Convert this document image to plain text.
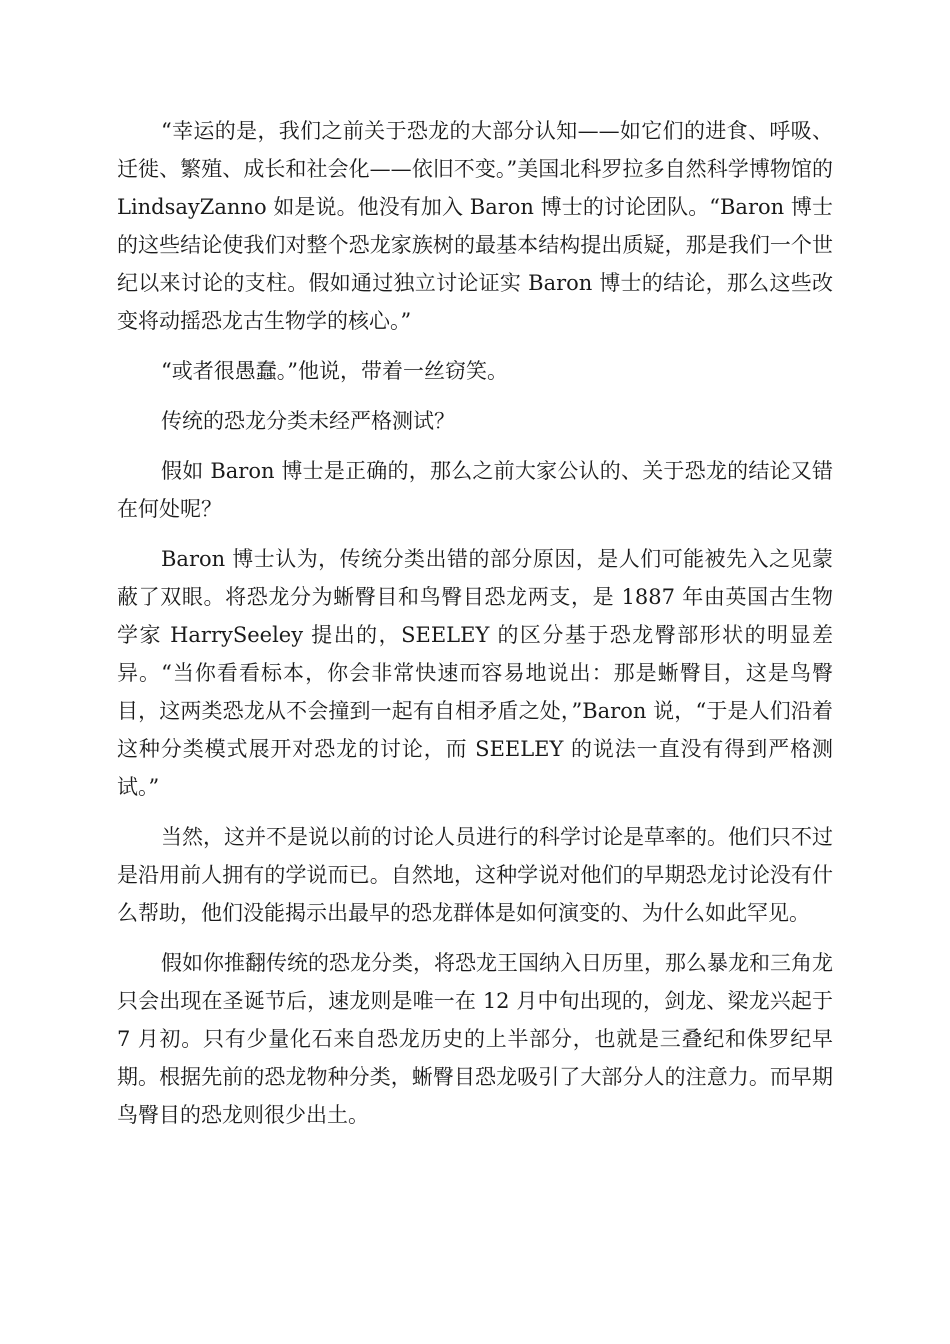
“幸运的是，我们之前关于恐龙的大部分认知——如它们的进食、呼吸、迁徙、繁殖、成长和社会化——依旧不变。”美国北科罗拉多自然科学博物馆的 LindsayZanno 如是说。他没有加入 Baron 博士的讨论团队。“Baron 博士的这些结论使我们对整个恐龙家族树的最基本结构提出质疑，那是我们一个世纪以来讨论的支柱。假如通过独立讨论证实 Baron 博士的结论，那么这些改变将动摇恐龙古生物学的核心。”

“或者很愚蠢。”他说，带着一丝窃笑。

传统的恐龙分类未经严格测试？

假如 Baron 博士是正确的，那么之前大家公认的、关于恐龙的结论又错在何处呢？

Baron 博士认为，传统分类出错的部分原因，是人们可能被先入之见蒙蔽了双眼。将恐龙分为蜥臀目和鸟臀目恐龙两支，是 1887 年由英国古生物学家 HarrySeeley 提出的，SEELEY 的区分基于恐龙臀部形状的明显差异。“当你看看标本，你会非常快速而容易地说出：那是蜥臀目，这是鸟臀目，这两类恐龙从不会撞到一起有自相矛盾之处，”Baron 说，“于是人们沿着这种分类模式展开对恐龙的讨论，而 SEELEY 的说法一直没有得到严格测试。”

当然，这并不是说以前的讨论人员进行的科学讨论是草率的。他们只不过是沿用前人拥有的学说而已。自然地，这种学说对他们的早期恐龙讨论没有什么帮助，他们没能揭示出最早的恐龙群体是如何演变的、为什么如此罕见。

假如你推翻传统的恐龙分类，将恐龙王国纳入日历里，那么暴龙和三角龙只会出现在圣诞节后，速龙则是唯一在 12 月中旬出现的，剑龙、梁龙兴起于 7 月初。只有少量化石来自恐龙历史的上半部分，也就是三叠纪和侏罗纪早期。根据先前的恐龙物种分类，蜥臀目恐龙吸引了大部分人的注意力。而早期鸟臀目的恐龙则很少出土。
